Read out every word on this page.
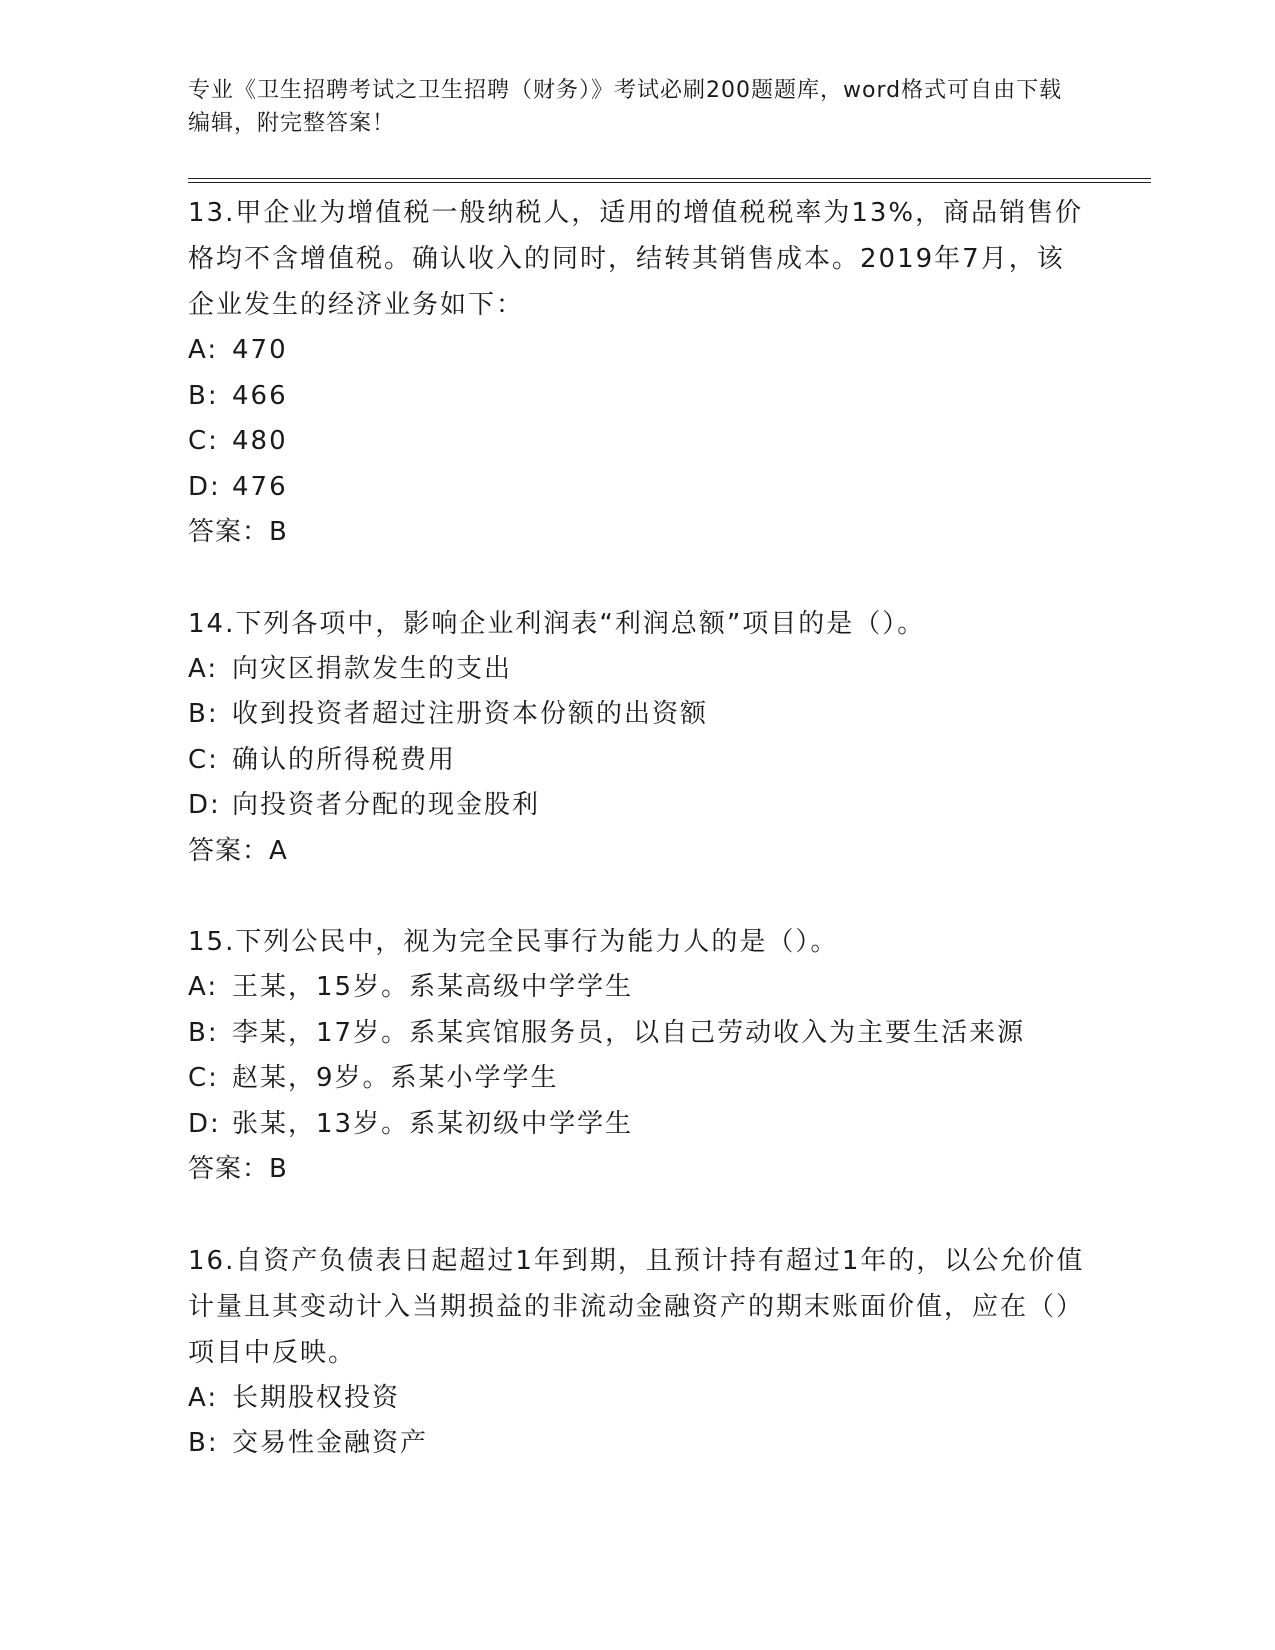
专业《卫生招聘考试之卫生招聘（财务）》考试必刷200题题库，word格式可自由下载编辑，附完整答案！

13.甲企业为增值税一般纳税人，适用的增值税税率为13%，商品销售价格均不含增值税。确认收入的同时，结转其销售成本。2019年7月，该企业发生的经济业务如下：

A: 470

B: 466

C: 480

D: 476

答案：B

14.下列各项中，影响企业利润表“利润总额”项目的是（）。

A: 向灾区捐款发生的支出

B: 收到投资者超过注册资本份额的出资额

C: 确认的所得税费用

D: 向投资者分配的现金股利

答案：A

15.下列公民中，视为完全民事行为能力人的是（）。

A: 王某，15岁。系某高级中学学生

B: 李某，17岁。系某宾馆服务员，以自己劳动收入为主要生活来源

C: 赵某，9岁。系某小学学生

D: 张某，13岁。系某初级中学学生

答案：B

16.自资产负债表日起超过1年到期，且预计持有超过1年的，以公允价值计量且其变动计入当期损益的非流动金融资产的期末账面价值，应在（）项目中反映。

A: 长期股权投资

B: 交易性金融资产
